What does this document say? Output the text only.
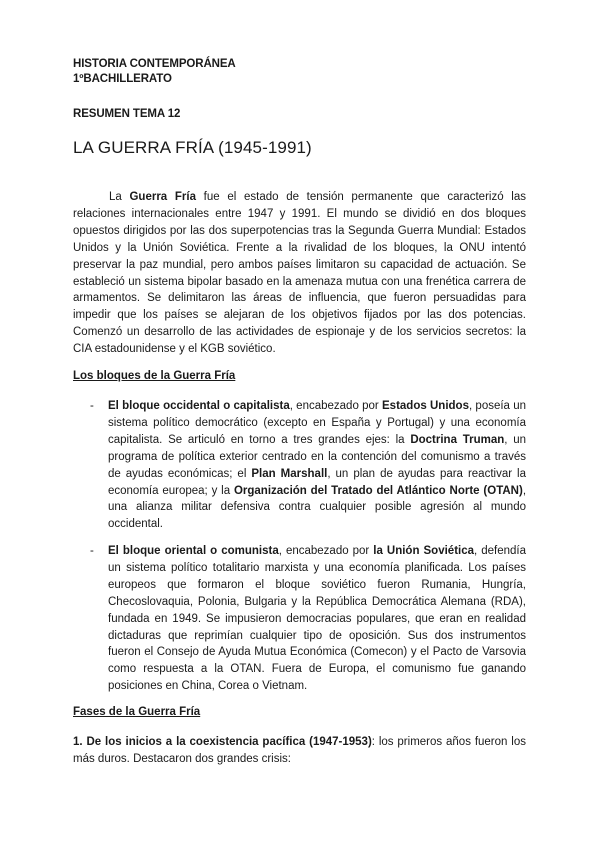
HISTORIA CONTEMPORÁNEA
1ºBACHILLERATO
RESUMEN TEMA 12
LA GUERRA FRÍA (1945-1991)

La Guerra Fría fue el estado de tensión permanente que caracterizó las relaciones internacionales entre 1947 y 1991. El mundo se dividió en dos bloques opuestos dirigidos por las dos superpotencias tras la Segunda Guerra Mundial: Estados Unidos y la Unión Soviética. Frente a la rivalidad de los bloques, la ONU intentó preservar la paz mundial, pero ambos países limitaron su capacidad de actuación. Se estableció un sistema bipolar basado en la amenaza mutua con una frenética carrera de armamentos. Se delimitaron las áreas de influencia, que fueron persuadidas para impedir que los países se alejaran de los objetivos fijados por las dos potencias. Comenzó un desarrollo de las actividades de espionaje y de los servicios secretos: la CIA estadounidense y el KGB soviético.

Los bloques de la Guerra Fría
- El bloque occidental o capitalista, encabezado por Estados Unidos, poseía un sistema político democrático (excepto en España y Portugal) y una economía capitalista. Se articuló en torno a tres grandes ejes: la Doctrina Truman, un programa de política exterior centrado en la contención del comunismo a través de ayudas económicas; el Plan Marshall, un plan de ayudas para reactivar la economía europea; y la Organización del Tratado del Atlántico Norte (OTAN), una alianza militar defensiva contra cualquier posible agresión al mundo occidental.

- El bloque oriental o comunista, encabezado por la Unión Soviética, defendía un sistema político totalitario marxista y una economía planificada. Los países europeos que formaron el bloque soviético fueron Rumania, Hungría, Checoslovaquia, Polonia, Bulgaria y la República Democrática Alemana (RDA), fundada en 1949. Se impusieron democracias populares, que eran en realidad dictaduras que reprimían cualquier tipo de oposición. Sus dos instrumentos fueron el Consejo de Ayuda Mutua Económica (Comecon) y el Pacto de Varsovia como respuesta a la OTAN. Fuera de Europa, el comunismo fue ganando posiciones en China, Corea o Vietnam.

Fases de la Guerra Fría

1. De los inicios a la coexistencia pacífica (1947-1953): los primeros años fueron los más duros. Destacaron dos grandes crisis:
